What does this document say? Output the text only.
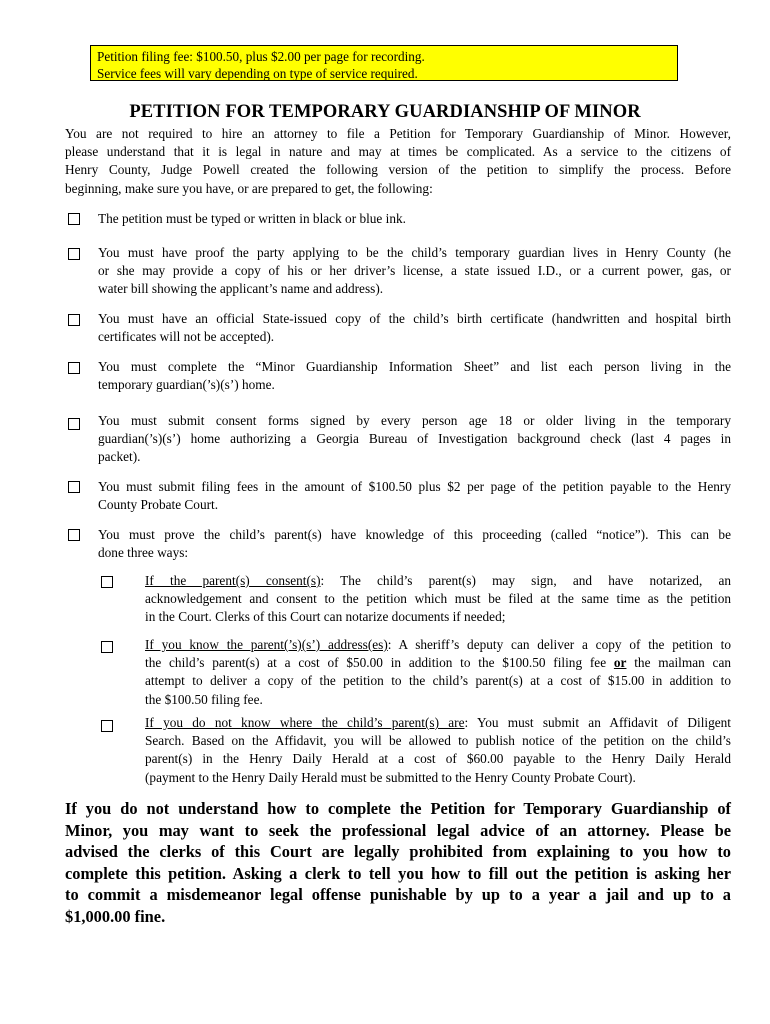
Petition filing fee: $100.50, plus $2.00 per page for recording.
Service fees will vary depending on type of service required.
PETITION FOR TEMPORARY GUARDIANSHIP OF MINOR
You are not required to hire an attorney to file a Petition for Temporary Guardianship of Minor. However,
please understand that it is legal in nature and may at times be complicated. As a service to the citizens of
Henry County, Judge Powell created the following version of the petition to simplify the process. Before
beginning, make sure you have, or are prepared to get, the following:
The petition must be typed or written in black or blue ink.
You must have proof the party applying to be the child’s temporary guardian lives in Henry County (he
or she may provide a copy of his or her driver’s license, a state issued I.D., or a current power, gas, or
water bill showing the applicant’s name and address).
You must have an official State-issued copy of the child’s birth certificate (handwritten and hospital birth
certificates will not be accepted).
You must complete the “Minor Guardianship Information Sheet” and list each person living in the
temporary guardian(’s)(s’) home.
You must submit consent forms signed by every person age 18 or older living in the temporary
guardian(’s)(s’) home authorizing a Georgia Bureau of Investigation background check (last 4 pages in
packet).
You must submit filing fees in the amount of $100.50 plus $2 per page of the petition payable to the Henry
County Probate Court.
You must prove the child’s parent(s) have knowledge of this proceeding (called “notice”). This can be
done three ways:
If the parent(s) consent(s): The child’s parent(s) may sign, and have notarized, an
acknowledgement and consent to the petition which must be filed at the same time as the petition
in the Court. Clerks of this Court can notarize documents if needed;
If you know the parent(’s)(s’) address(es): A sheriff’s deputy can deliver a copy of the petition to
the child’s parent(s) at a cost of $50.00 in addition to the $100.50 filing fee or the mailman can
attempt to deliver a copy of the petition to the child’s parent(s) at a cost of $15.00 in addition to
the $100.50 filing fee.
If you do not know where the child’s parent(s) are: You must submit an Affidavit of Diligent
Search. Based on the Affidavit, you will be allowed to publish notice of the petition on the child’s
parent(s) in the Henry Daily Herald at a cost of $60.00 payable to the Henry Daily Herald
(payment to the Henry Daily Herald must be submitted to the Henry County Probate Court).
If you do not understand how to complete the Petition for Temporary Guardianship of
Minor, you may want to seek the professional legal advice of an attorney. Please be
advised the clerks of this Court are legally prohibited from explaining to you how to
complete this petition. Asking a clerk to tell you how to fill out the petition is asking her
to commit a misdemeanor legal offense punishable by up to a year a jail and up to a
$1,000.00 fine.
